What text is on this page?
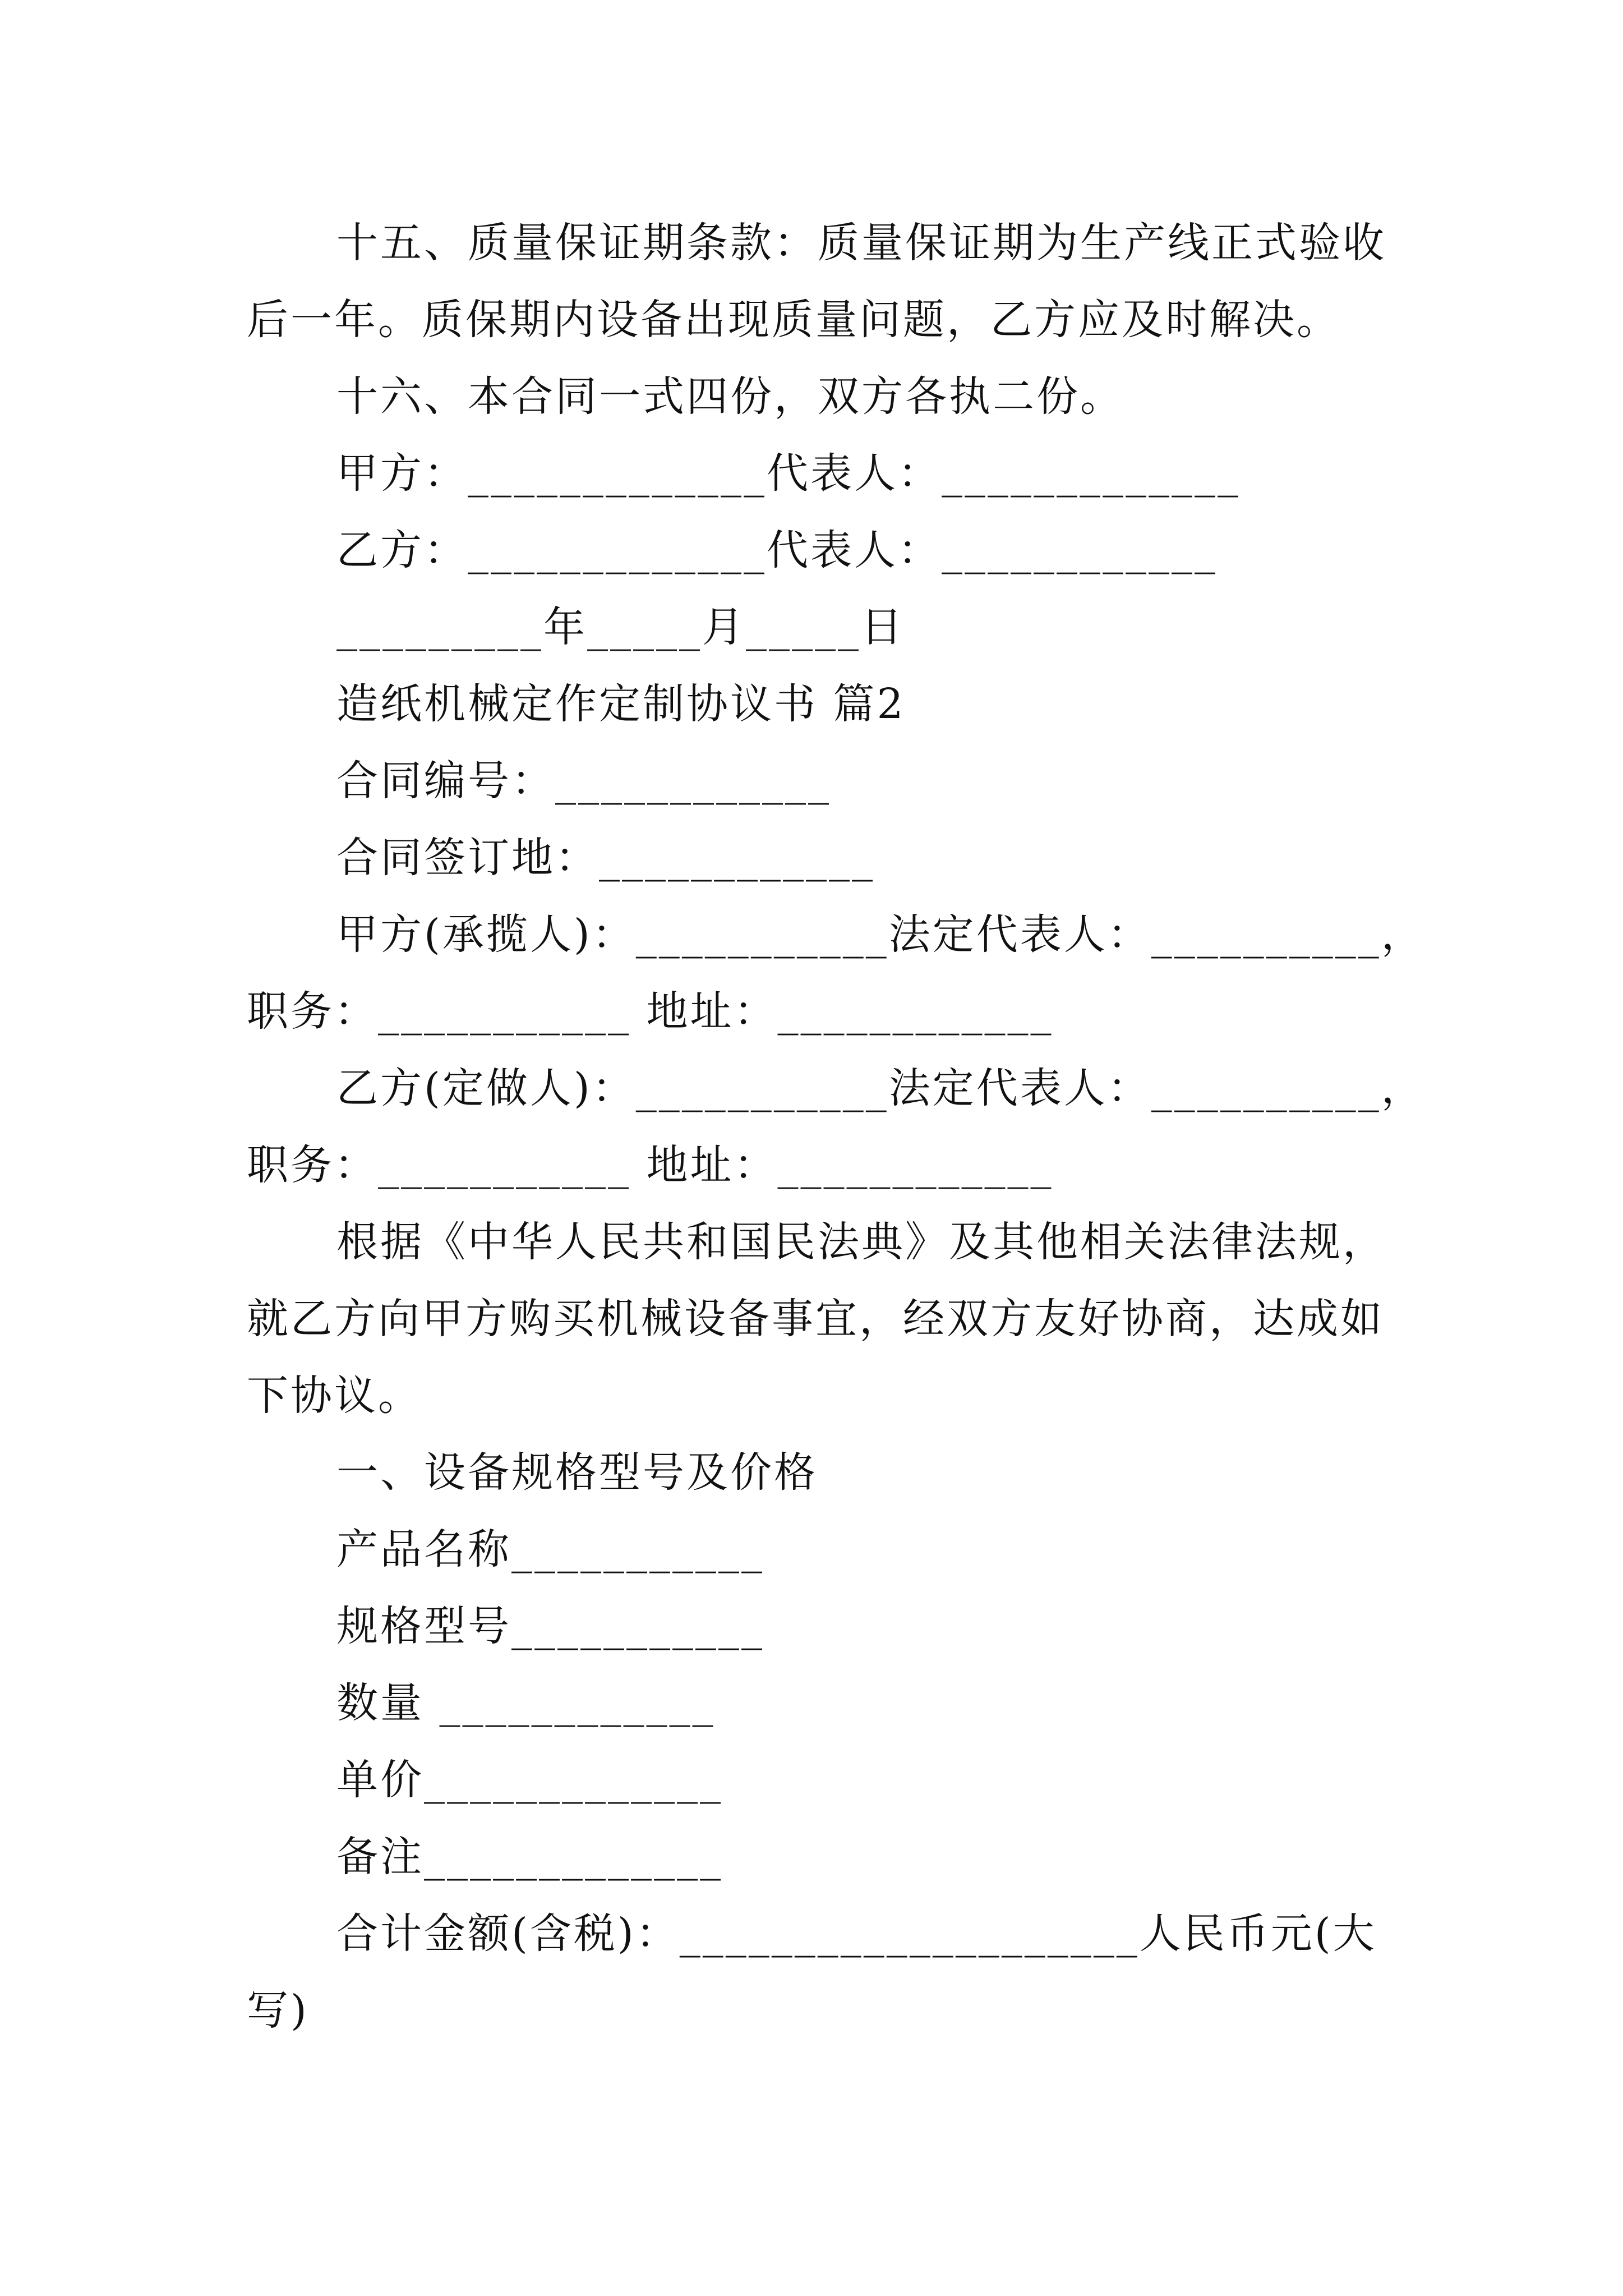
十五、质量保证期条款：质量保证期为生产线正式验收
后一年。质保期内设备出现质量问题，乙方应及时解决。
十六、本合同一式四份，双方各执二份。
甲方：_____________代表人：_____________
乙方：_____________代表人：____________
_________年_____月_____日
造纸机械定作定制协议书 篇2
合同编号：____________
合同签订地：____________
甲方(承揽人)：___________法定代表人：__________，
职务：___________ 地址：____________
乙方(定做人)：___________法定代表人：__________，
职务：___________ 地址：____________
根据《中华人民共和国民法典》及其他相关法律法规，
就乙方向甲方购买机械设备事宜，经双方友好协商，达成如
下协议。
一、设备规格型号及价格
产品名称___________
规格型号___________
数量 ____________
单价_____________
备注_____________
合计金额(含税)：____________________人民币元(大
写)
